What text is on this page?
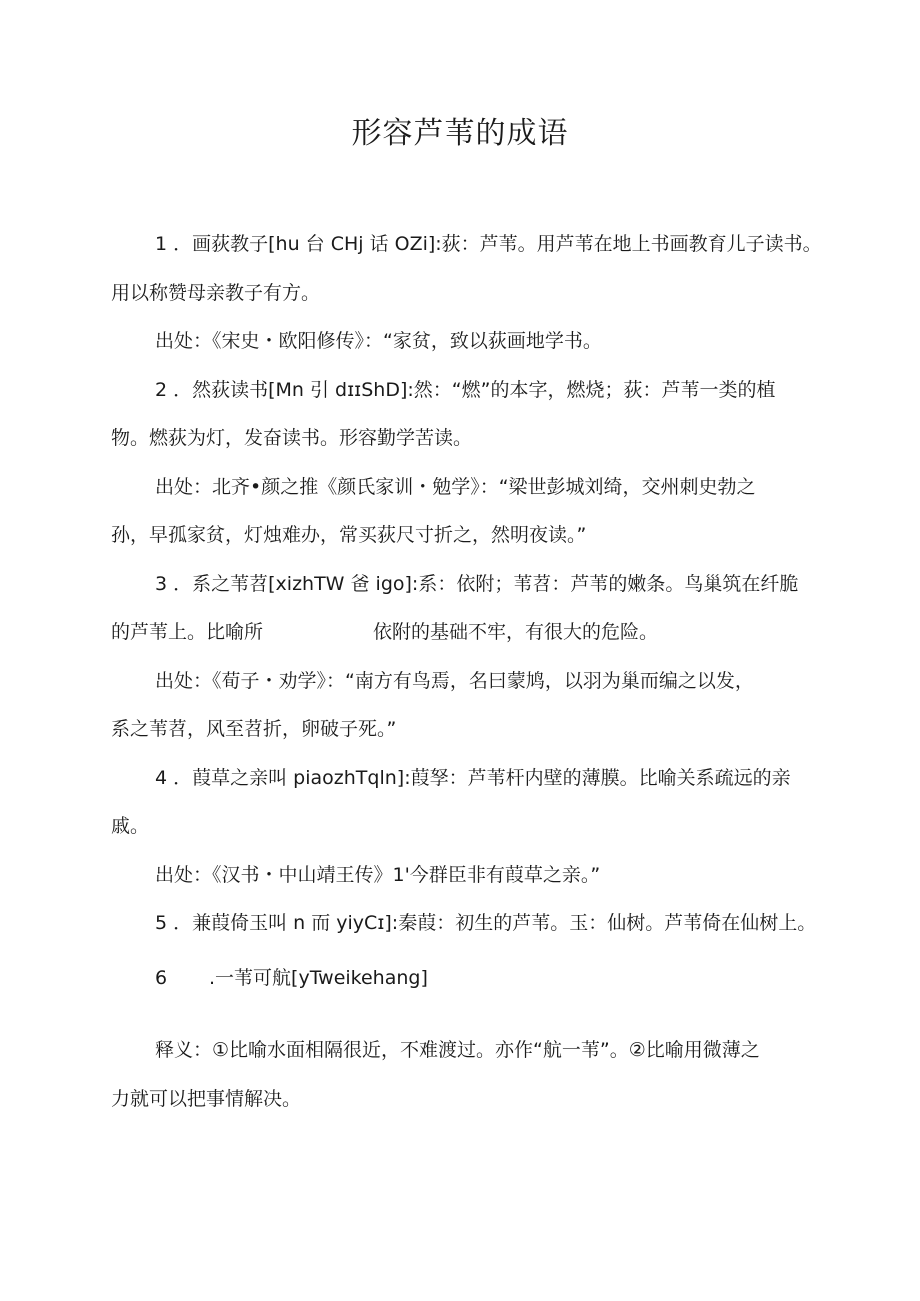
形容芦苇的成语
1 ．画荻教子[hu 台 CHj 话 OZi]:荻：芦苇。用芦苇在地上书画教育儿子读书。
用以称赞母亲教子有方。
出处：《宋史・欧阳修传》：“家贫，致以荻画地学书。
2 ．然荻读书[Mn 引 dɪɪShD]:然：“燃”的本字，燃烧；荻：芦苇一类的植
物。燃荻为灯，发奋读书。形容勤学苦读。
出处：北齐•颜之推《颜氏家训・勉学》：“梁世彭城刘绮，交州刺史勃之
孙，早孤家贫，灯烛难办，常买荻尺寸折之，然明夜读。”
3 ．系之苇苕[xizhTW 爸 igo]:系：依附；苇苕：芦苇的嫩条。鸟巢筑在纤脆
的芦苇上。比喻所	依附的基础不牢，有很大的危险。
出处：《荀子・劝学》：“南方有鸟焉，名曰蒙鸠，以羽为巢而编之以发，
系之苇苕，风至苕折，卵破子死。”
4 ．葭草之亲叫 piaozhTqln]:葭孥：芦苇杆内壁的薄膜。比喻关系疏远的亲
戚。
出处：《汉书・中山靖王传》1'今群臣非有葭草之亲。”
5 ．兼葭倚玉叫 n 而 yiyCɪ]:秦葭：初生的芦苇。玉：仙树。芦苇倚在仙树上。
6 .一苇可航[yTweikehang]
释义：①比喻水面相隔很近，不难渡过。亦作“航一苇”。②比喻用微薄之
力就可以把事情解决。
